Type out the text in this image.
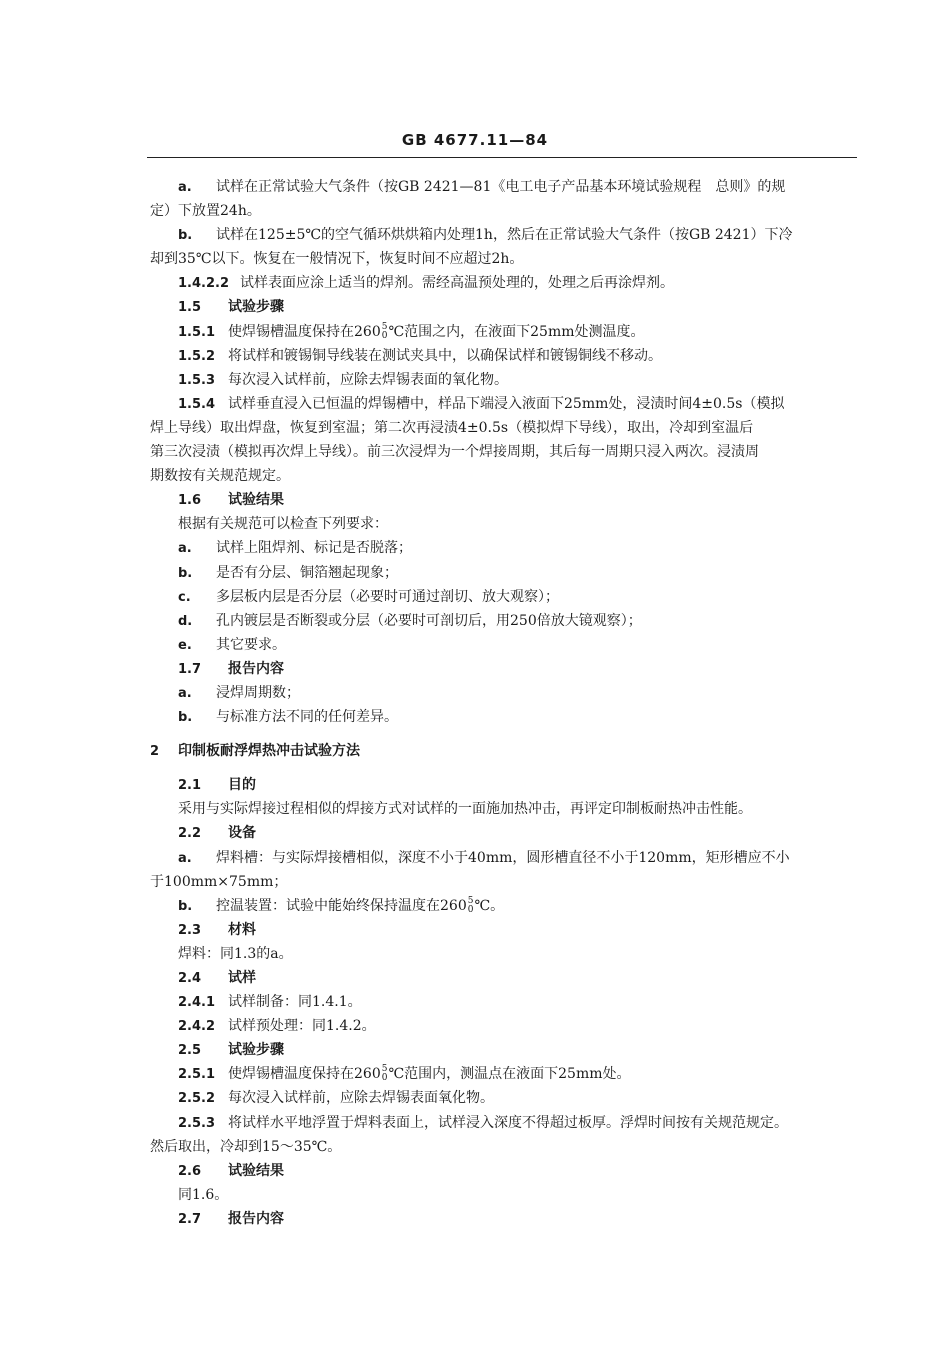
GB 4677.11—84
a. 试样在正常试验大气条件（按GB 2421—81《电工电子产品基本环境试验规程　总则》的规
定）下放置24h。
b. 试样在125±5℃的空气循环烘烘箱内处理1h，然后在正常试验大气条件（按GB 2421）下冷
却到35℃以下。恢复在一般情况下，恢复时间不应超过2h。
1.4.2.2 试样表面应涂上适当的焊剂。需经高温预处理的，处理之后再涂焊剂。
1.5 试验步骤
1.5.1 使焊锡槽温度保持在260 5
0 ℃范围之内，在液面下25mm处测温度。
1.5.2 将试样和镀锡铜导线装在测试夹具中，以确保试样和镀锡铜线不移动。
1.5.3 每次浸入试样前，应除去焊锡表面的氧化物。
1.5.4 试样垂直浸入已恒温的焊锡槽中，样品下端浸入液面下25mm处，浸渍时间4±0.5s（模拟
焊上导线）取出焊盘，恢复到室温；第二次再浸渍4±0.5s（模拟焊下导线），取出，冷却到室温后
第三次浸渍（模拟再次焊上导线）。前三次浸焊为一个焊接周期，其后每一周期只浸入两次。浸渍周
期数按有关规范规定。
1.6 试验结果
根据有关规范可以检查下列要求：
a. 试样上阻焊剂、标记是否脱落；
b. 是否有分层、铜箔翘起现象；
c. 多层板内层是否分层（必要时可通过剖切、放大观察）；
d. 孔内镀层是否断裂或分层（必要时可剖切后，用250倍放大镜观察）；
e. 其它要求。
1.7 报告内容
a. 浸焊周期数；
b. 与标准方法不同的任何差异。
2 印制板耐浮焊热冲击试验方法
2.1 目的
采用与实际焊接过程相似的焊接方式对试样的一面施加热冲击，再评定印制板耐热冲击性能。
2.2 设备
a. 焊料槽：与实际焊接槽相似，深度不小于40mm，圆形槽直径不小于120mm，矩形槽应不小
于100mm×75mm；
b. 控温装置：试验中能始终保持温度在260 5
0 ℃。
2.3 材料
焊料：同1.3的a。
2.4 试样
2.4.1 试样制备：同1.4.1。
2.4.2 试样预处理：同1.4.2。
2.5 试验步骤
2.5.1 使焊锡槽温度保持在260 5
0 ℃范围内，测温点在液面下25mm处。
2.5.2 每次浸入试样前，应除去焊锡表面氧化物。
2.5.3 将试样水平地浮置于焊料表面上，试样浸入深度不得超过板厚。浮焊时间按有关规范规定。
然后取出，冷却到15～35℃。
2.6 试验结果
同1.6。
2.7 报告内容
